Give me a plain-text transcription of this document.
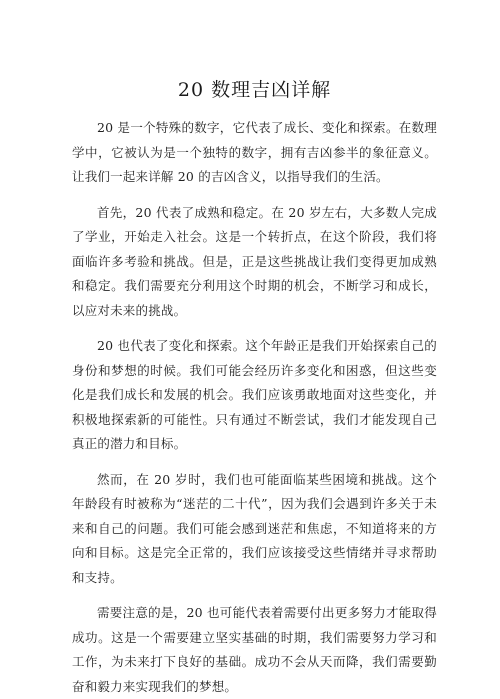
20 数理吉凶详解

20 是一个特殊的数字，它代表了成长、变化和探索。在数理学中，它被认为是一个独特的数字，拥有吉凶参半的象征意义。让我们一起来详解 20 的吉凶含义，以指导我们的生活。

首先，20 代表了成熟和稳定。在 20 岁左右，大多数人完成了学业，开始走入社会。这是一个转折点，在这个阶段，我们将面临许多考验和挑战。但是，正是这些挑战让我们变得更加成熟和稳定。我们需要充分利用这个时期的机会，不断学习和成长，以应对未来的挑战。

20 也代表了变化和探索。这个年龄正是我们开始探索自己的身份和梦想的时候。我们可能会经历许多变化和困惑，但这些变化是我们成长和发展的机会。我们应该勇敢地面对这些变化，并积极地探索新的可能性。只有通过不断尝试，我们才能发现自己真正的潜力和目标。

然而，在 20 岁时，我们也可能面临某些困境和挑战。这个年龄段有时被称为“迷茫的二十代”，因为我们会遇到许多关于未来和自己的问题。我们可能会感到迷茫和焦虑，不知道将来的方向和目标。这是完全正常的，我们应该接受这些情绪并寻求帮助和支持。

需要注意的是，20 也可能代表着需要付出更多努力才能取得成功。这是一个需要建立坚实基础的时期，我们需要努力学习和工作，为未来打下良好的基础。成功不会从天而降，我们需要勤奋和毅力来实现我们的梦想。
